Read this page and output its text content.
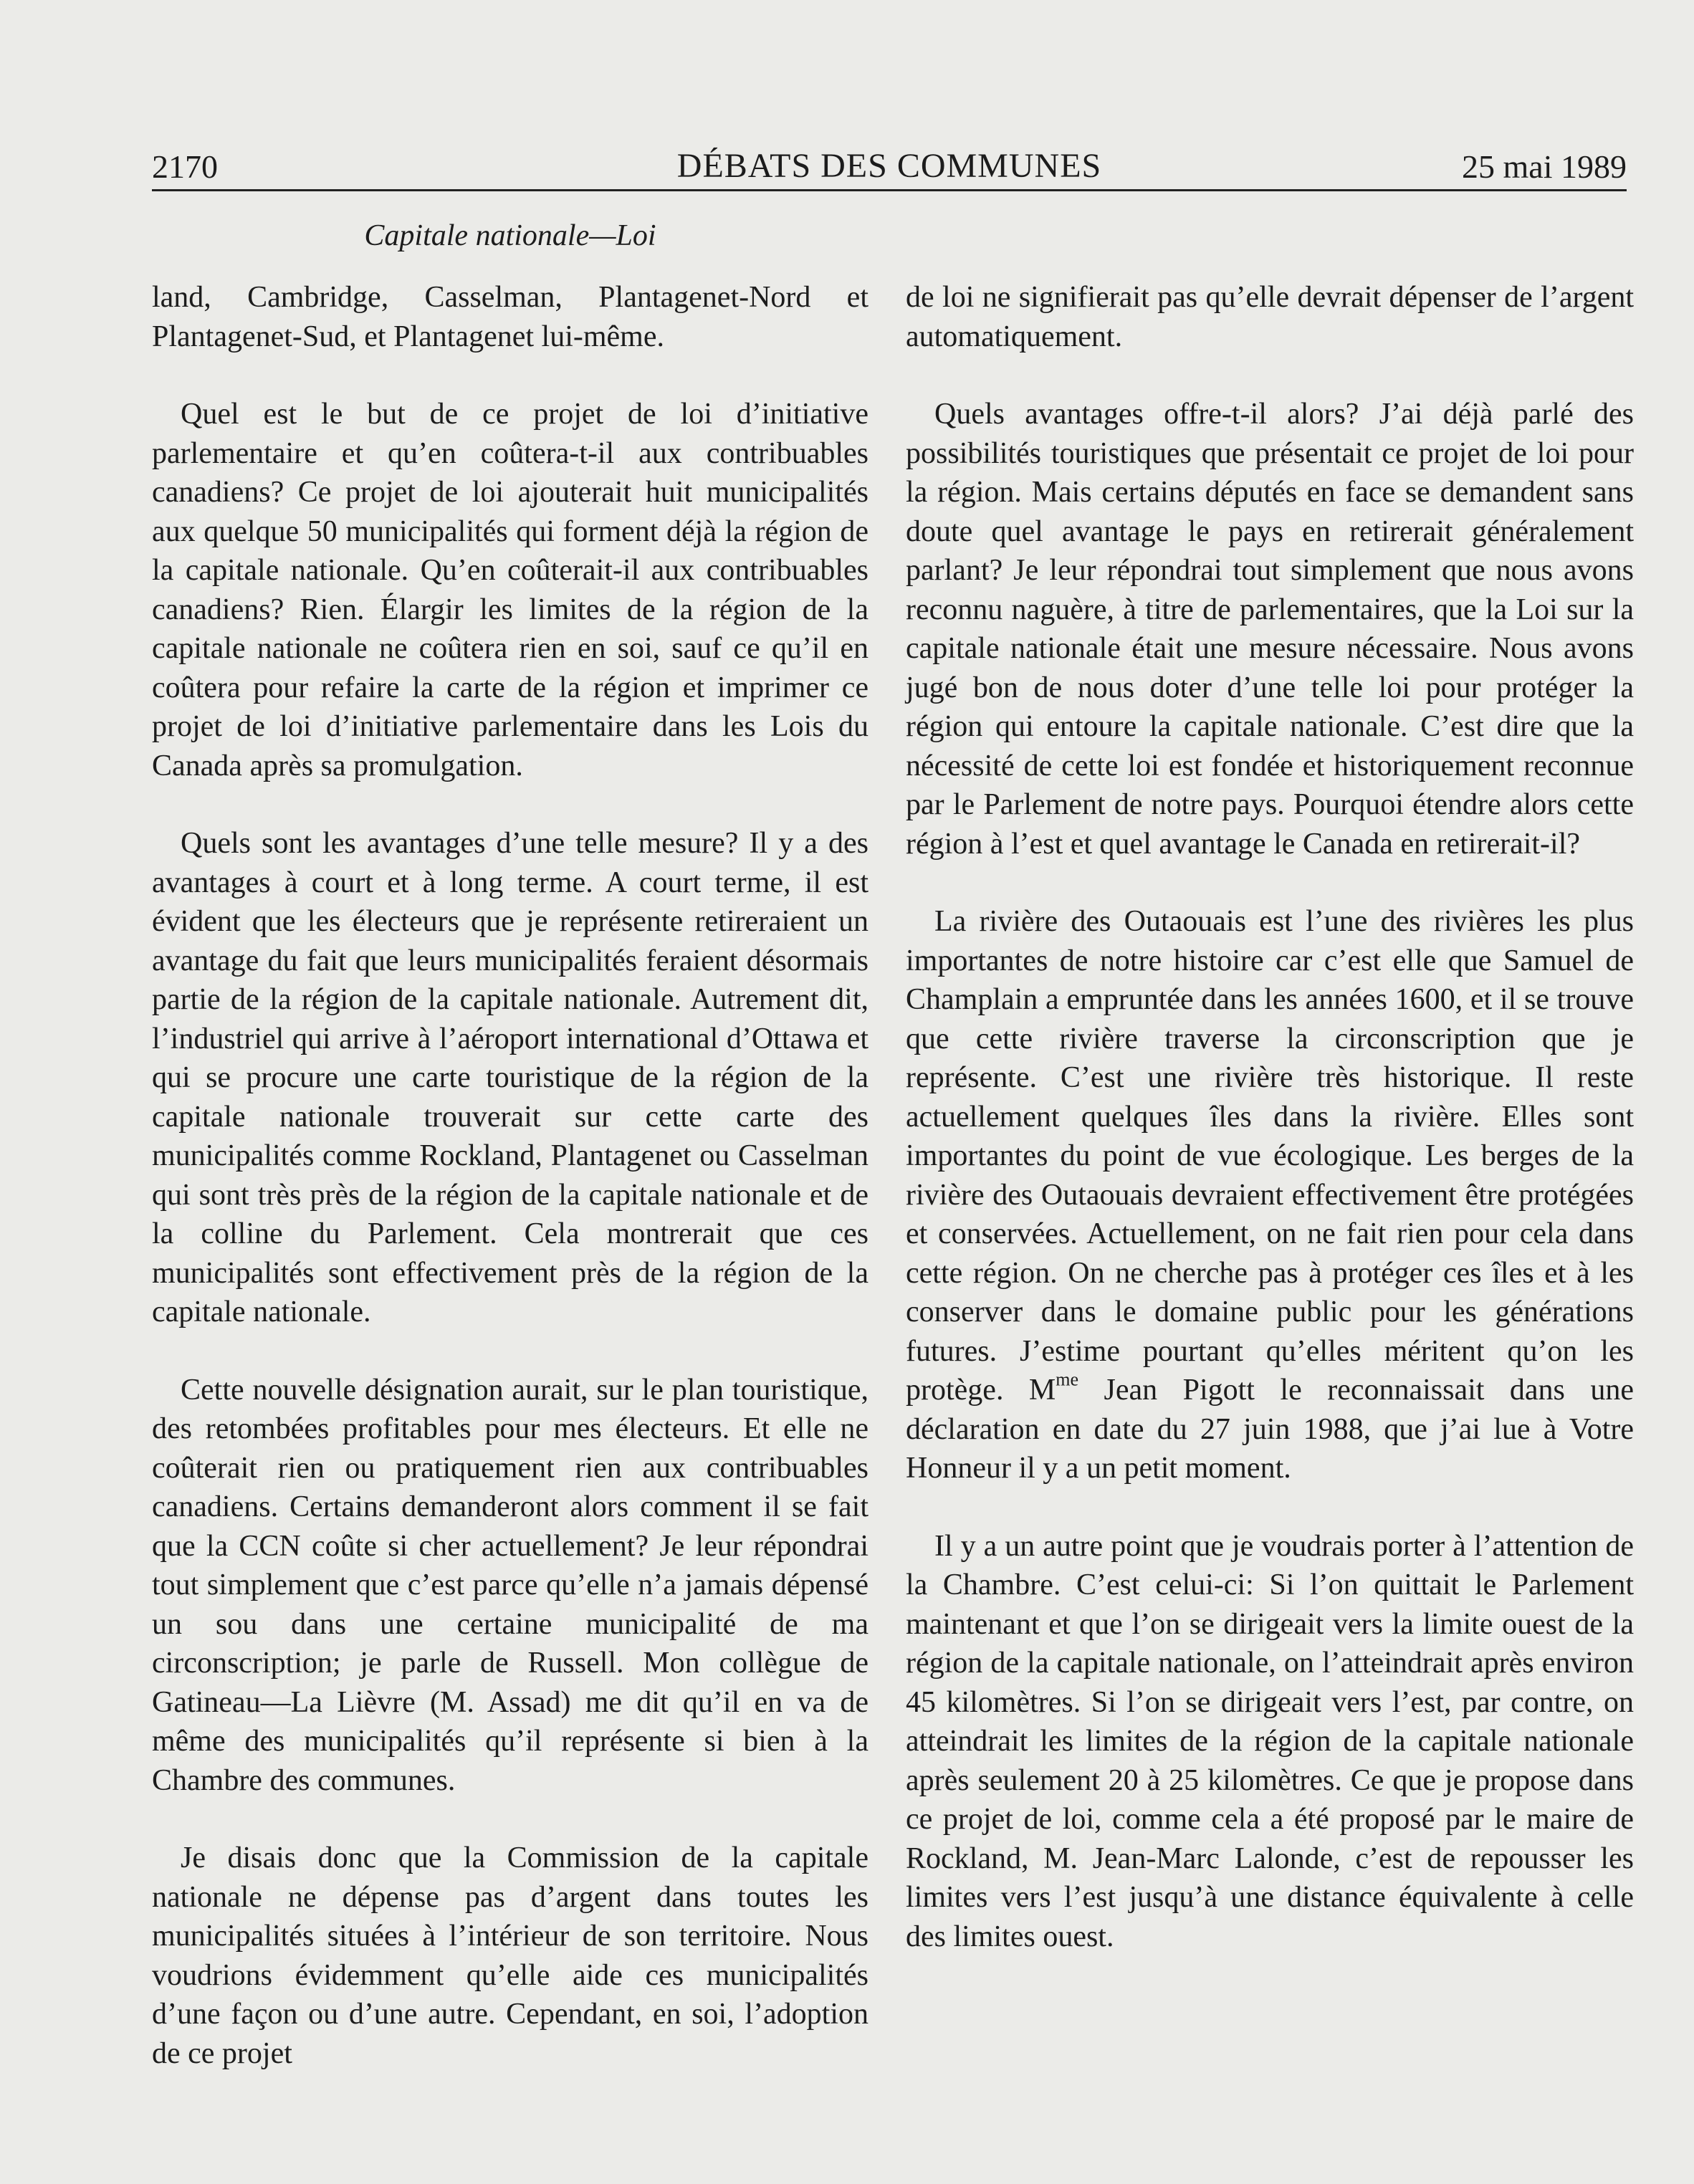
2170	DÉBATS DES COMMUNES	25 mai 1989
Capitale nationale—Loi

land, Cambridge, Casselman, Plantagenet-Nord et Plantagenet-Sud, et Plantagenet lui-même.

Quel est le but de ce projet de loi d’initiative parlementaire et qu’en coûtera-t-il aux contribuables canadiens? Ce projet de loi ajouterait huit municipalités aux quelque 50 municipalités qui forment déjà la région de la capitale nationale. Qu’en coûterait-il aux contribuables canadiens? Rien. Élargir les limites de la région de la capitale nationale ne coûtera rien en soi, sauf ce qu’il en coûtera pour refaire la carte de la région et imprimer ce projet de loi d’initiative parlementaire dans les Lois du Canada après sa promulgation.

Quels sont les avantages d’une telle mesure? Il y a des avantages à court et à long terme. A court terme, il est évident que les électeurs que je représente retireraient un avantage du fait que leurs municipalités feraient désormais partie de la région de la capitale nationale. Autrement dit, l’industriel qui arrive à l’aéroport international d’Ottawa et qui se procure une carte touristique de la région de la capitale nationale trouverait sur cette carte des municipalités comme Rockland, Plantagenet ou Casselman qui sont très près de la région de la capitale nationale et de la colline du Parlement. Cela montrerait que ces municipalités sont effectivement près de la région de la capitale nationale.

Cette nouvelle désignation aurait, sur le plan touristique, des retombées profitables pour mes électeurs. Et elle ne coûterait rien ou pratiquement rien aux contribuables canadiens. Certains demanderont alors comment il se fait que la CCN coûte si cher actuellement? Je leur répondrai tout simplement que c’est parce qu’elle n’a jamais dépensé un sou dans une certaine municipalité de ma circonscription; je parle de Russell. Mon collègue de Gatineau—La Lièvre (M. Assad) me dit qu’il en va de même des municipalités qu’il représente si bien à la Chambre des communes.

Je disais donc que la Commission de la capitale nationale ne dépense pas d’argent dans toutes les municipalités situées à l’intérieur de son territoire. Nous voudrions évidemment qu’elle aide ces municipalités d’une façon ou d’une autre. Cependant, en soi, l’adoption de ce projet

de loi ne signifierait pas qu’elle devrait dépenser de l’argent automatiquement.

Quels avantages offre-t-il alors? J’ai déjà parlé des possibilités touristiques que présentait ce projet de loi pour la région. Mais certains députés en face se demandent sans doute quel avantage le pays en retirerait généralement parlant? Je leur répondrai tout simplement que nous avons reconnu naguère, à titre de parlementaires, que la Loi sur la capitale nationale était une mesure nécessaire. Nous avons jugé bon de nous doter d’une telle loi pour protéger la région qui entoure la capitale nationale. C’est dire que la nécessité de cette loi est fondée et historiquement reconnue par le Parlement de notre pays. Pourquoi étendre alors cette région à l’est et quel avantage le Canada en retirerait-il?

La rivière des Outaouais est l’une des rivières les plus importantes de notre histoire car c’est elle que Samuel de Champlain a empruntée dans les années 1600, et il se trouve que cette rivière traverse la circonscription que je représente. C’est une rivière très historique. Il reste actuellement quelques îles dans la rivière. Elles sont importantes du point de vue écologique. Les berges de la rivière des Outaouais devraient effectivement être protégées et conservées. Actuellement, on ne fait rien pour cela dans cette région. On ne cherche pas à protéger ces îles et à les conserver dans le domaine public pour les générations futures. J’estime pourtant qu’elles méritent qu’on les protège. $M^{me}$ Jean Pigott le reconnaissait dans une déclaration en date du 27 juin 1988, que j’ai lue à Votre Honneur il y a un petit moment.

Il y a un autre point que je voudrais porter à l’attention de la Chambre. C’est celui-ci: Si l’on quittait le Parlement maintenant et que l’on se dirigeait vers la limite ouest de la région de la capitale nationale, on l’atteindrait après environ 45 kilomètres. Si l’on se dirigeait vers l’est, par contre, on atteindrait les limites de la région de la capitale nationale après seulement 20 à 25 kilomètres. Ce que je propose dans ce projet de loi, comme cela a été proposé par le maire de Rockland, M. Jean-Marc Lalonde, c’est de repousser les limites vers l’est jusqu’à une distance équivalente à celle des limites ouest.
